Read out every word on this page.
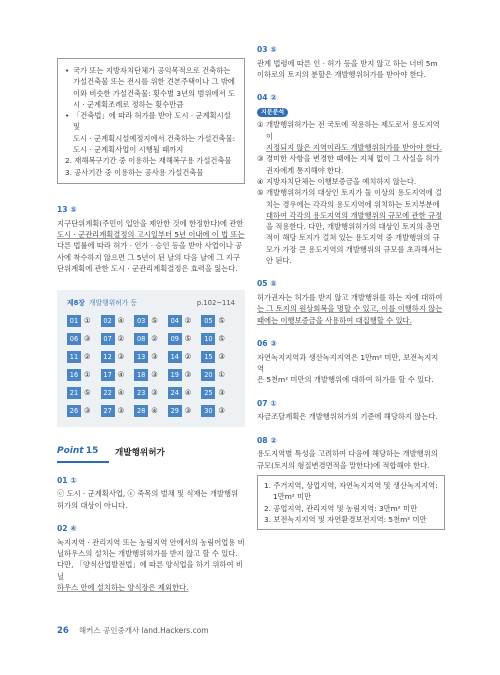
• 국가 또는 지방자치단체가 공익목적으로 건축하는
가설건축물 또는 전시를 위한 견본주택이나 그 밖에
이와 비슷한 가설건축물: 횟수별 3년의 범위에서 도
시 · 군계획조례로 정하는 횟수만큼
• 「건축법」에 따라 허가를 받아 도시 · 군계획시설 및
도시 · 군계획시설예정지에서 건축하는 가설건축물:
도시 · 군계획사업이 시행될 때까지
2. 재해복구기간 중 이용하는 재해복구용 가설건축물
3. 공사기간 중 이용하는 공사용 가설건축물
13 ⑤
지구단위계획(주민이 입안을 제안한 것에 한정한다)에 관한
도시 · 군관리계획결정의 고시일부터 5년 이내에 이 법 또는
다른 법률에 따라 허가 · 인가 · 승인 등을 받아 사업이나 공
사에 착수하지 않으면 그 5년이 된 날의 다음 날에 그 지구
단위계획에 관한 도시 · 군관리계획결정은 효력을 잃는다.
제8장 개발행위허가 등	p.102~114
01 ①	02 ④	03 ⑤	04 ②	05 ⑤
06 ③	07 ②	08 ②	09 ⑤	10 ⑤
11 ②	12 ③	13 ③	14 ②	15 ③
16 ①	17 ④	18 ③	19 ③	20 ①
21 ⑤	22 ④	23 ③	24 ④	25 ③
26 ③	27 ③	28 ④	29 ③	30 ③
Point 15	개발행위허가
01 ①
ⓒ 도시 · 군계획사업, ⓔ 죽목의 벌채 및 식재는 개발행위
허가의 대상이 아니다.
02 ④
녹지지역 · 관리지역 또는 농림지역 안에서의 농림어업용 비
닐하우스의 설치는 개발행위허가를 받지 않고 할 수 있다.
다만, 「양식산업발전법」에 따른 양식업을 하기 위하여 비닐
하우스 안에 설치하는 양식장은 제외한다.
03 ⑤
관계 법령에 따른 인 · 허가 등을 받지 않고 하는 너비 5m
이하로의 토지의 분할은 개발행위허가를 받아야 한다.
04 ②
지문분석
① 개발행위허가는 전 국토에 적용하는 제도로서 용도지역이
지정되지 않은 지역이라도 개발행위허가를 받아야 한다.
③ 경미한 사항을 변경한 때에는 지체 없이 그 사실을 허가
권자에게 통지해야 한다.
④ 지방자치단체는 이행보증금을 예치하지 않는다.
⑤ 개발행위허가의 대상인 토지가 둘 이상의 용도지역에 걸
치는 경우에는 각각의 용도지역에 위치하는 토지부분에
대하여 각각의 용도지역의 개발행위의 규모에 관한 규정
을 적용한다. 다만, 개발행위허가의 대상인 토지의 총면
적이 해당 토지가 걸쳐 있는 용도지역 중 개발행위의 규
모가 가장 큰 용도지역의 개발행위의 규모를 초과해서는
안 된다.
05 ⑤
허가권자는 허가를 받지 않고 개발행위를 하는 자에 대하여
는 그 토지의 원상회복을 명할 수 있고, 이를 이행하지 않는
때에는 이행보증금을 사용하여 대집행할 수 있다.
06 ③
자연녹지지역과 생산녹지지역은 1만m² 미만, 보전녹지지역
은 5천m² 미만의 개발행위에 대하여 허가를 할 수 있다.
07 ①
자금조달계획은 개발행위허가의 기준에 해당하지 않는다.
08 ②
용도지역별 특성을 고려하여 다음에 해당하는 개발행위의
규모(토지의 형질변경면적을 말한다)에 적합해야 한다.
1. 주거지역, 상업지역, 자연녹지지역 및 생산녹지지역:
1만m² 미만
2. 공업지역, 관리지역 및 농림지역: 3만m² 미만
3. 보전녹지지역 및 자연환경보전지역: 5천m² 미만
26 해커스 공인중개사 land.Hackers.com
